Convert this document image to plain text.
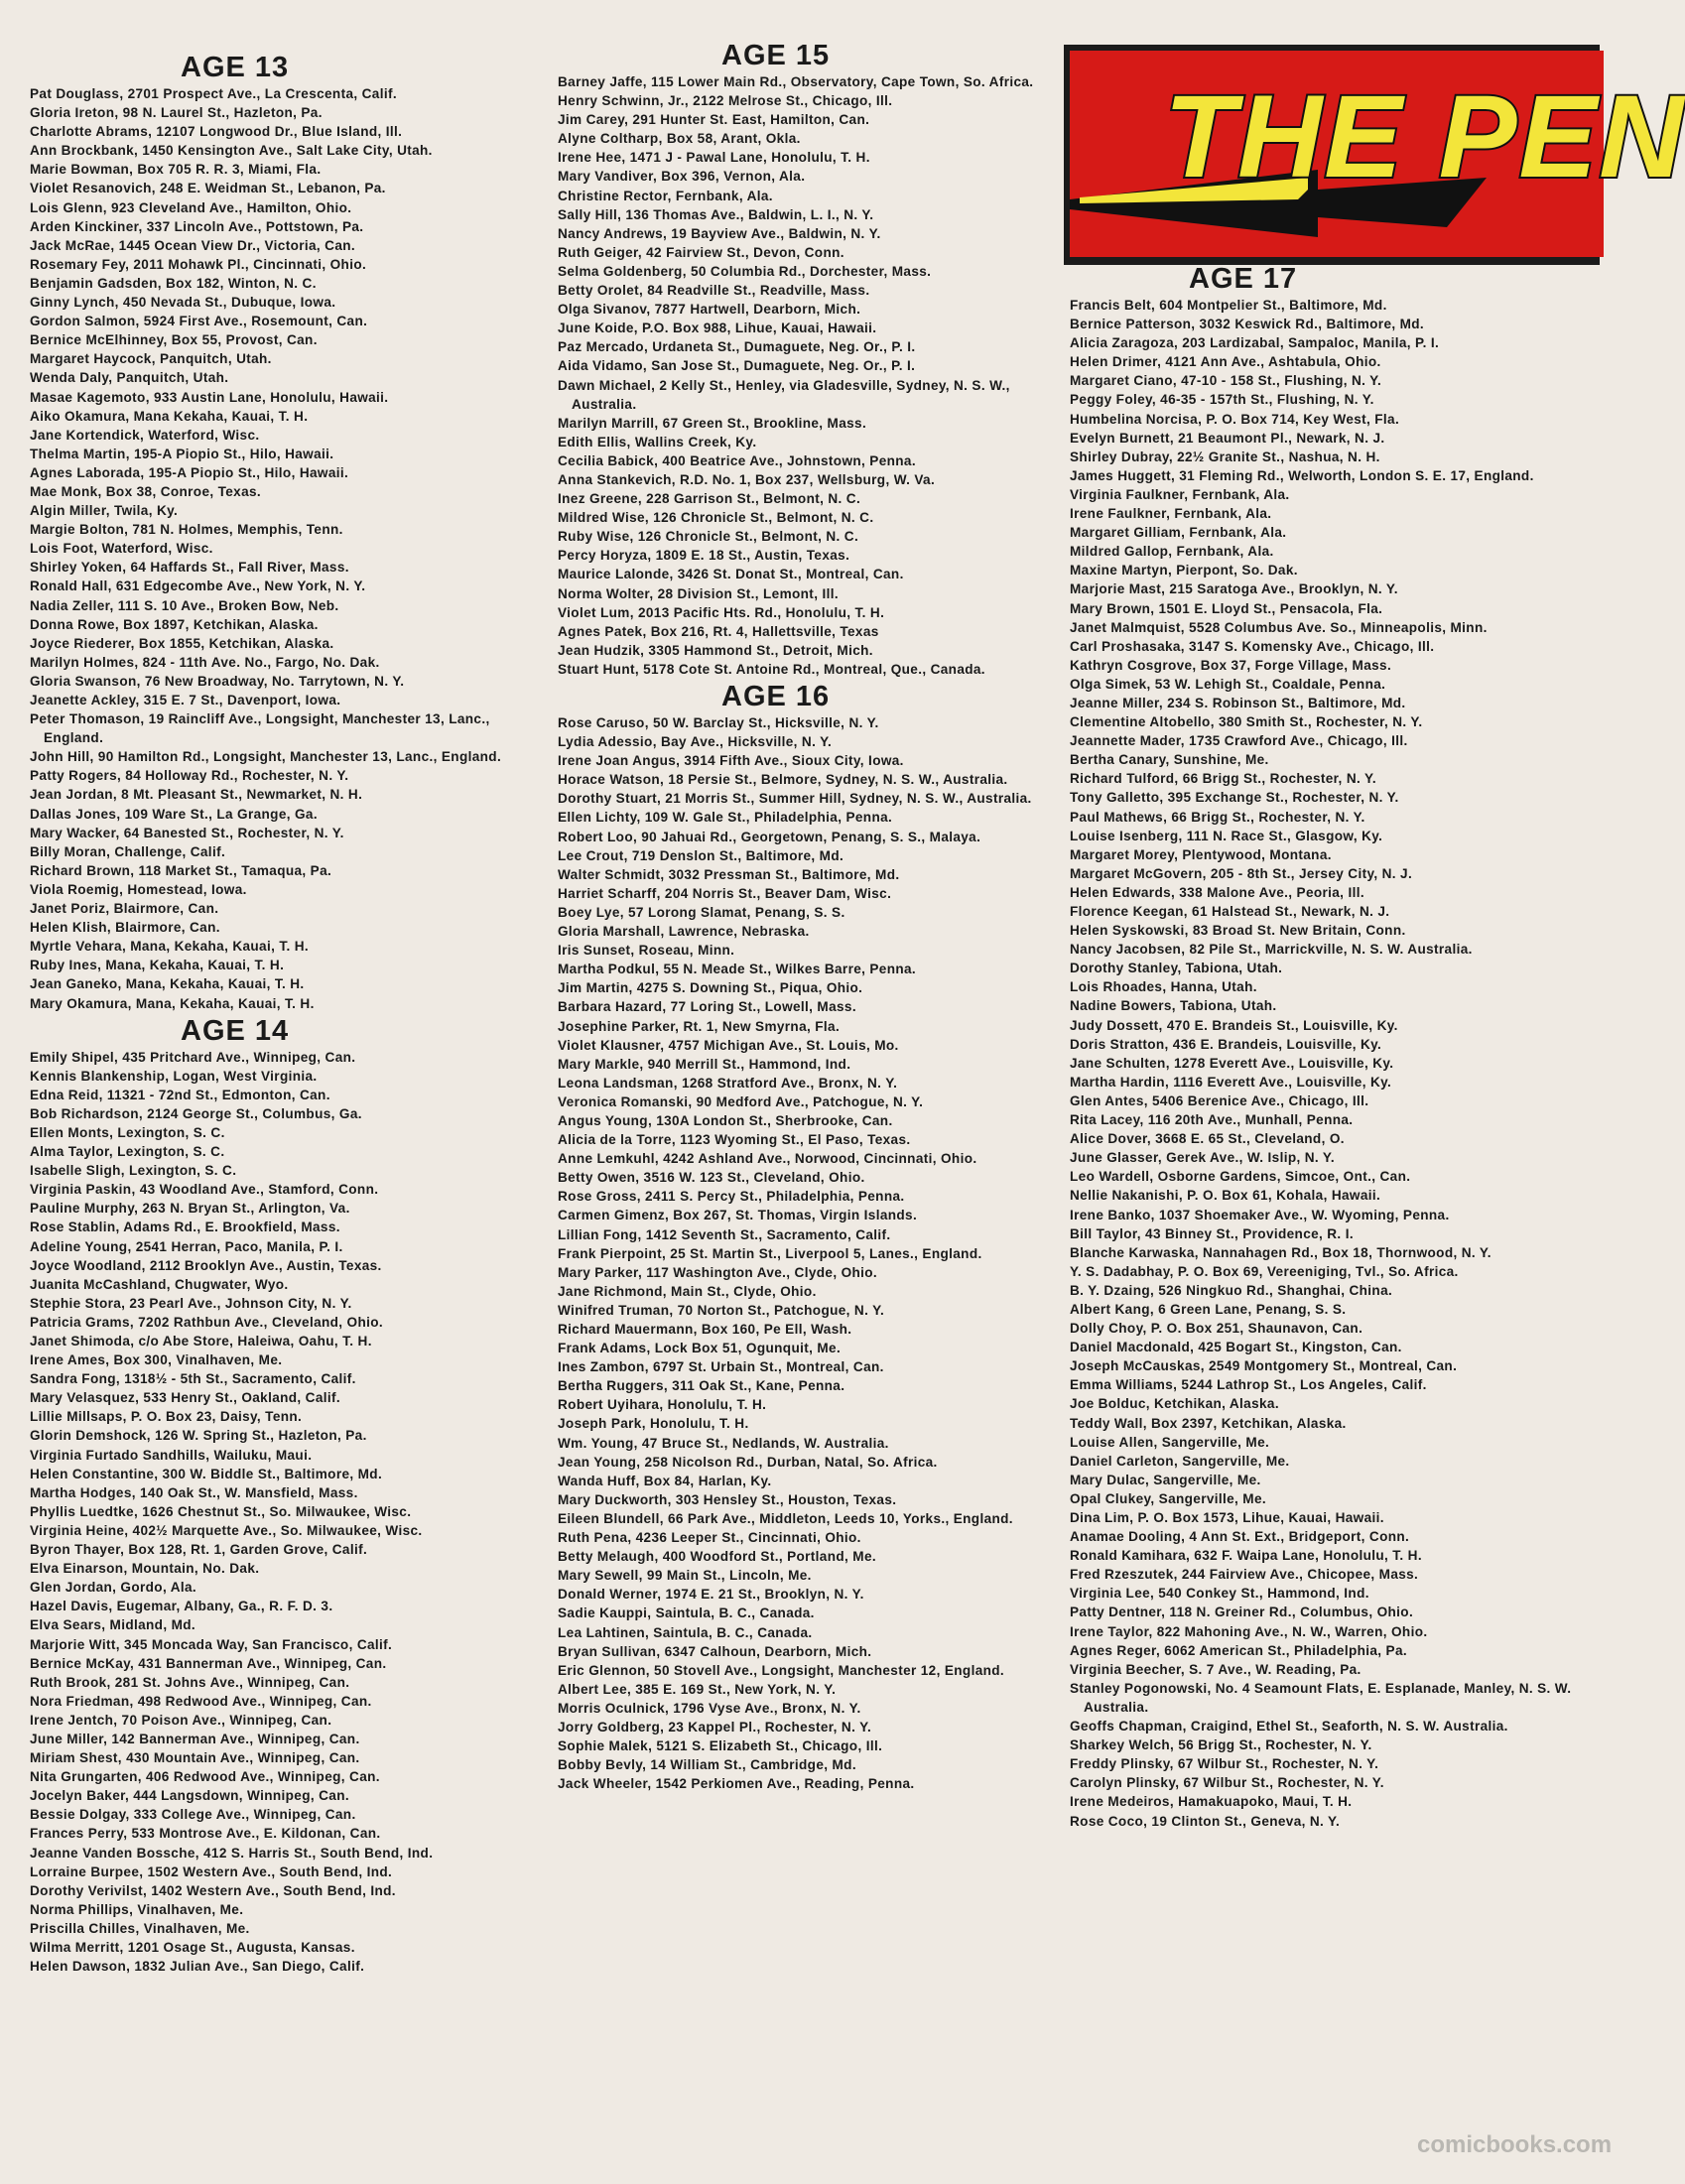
THE PEN
AGE 13
Pat Douglass, 2701 Prospect Ave., La Crescenta, Calif.
Gloria Ireton, 98 N. Laurel St., Hazleton, Pa.
Charlotte Abrams, 12107 Longwood Dr., Blue Island, Ill.
Ann Brockbank, 1450 Kensington Ave., Salt Lake City, Utah.
Marie Bowman, Box 705 R. R. 3, Miami, Fla.
Violet Resanovich, 248 E. Weidman St., Lebanon, Pa.
Lois Glenn, 923 Cleveland Ave., Hamilton, Ohio.
Arden Kinckiner, 337 Lincoln Ave., Pottstown, Pa.
Jack McRae, 1445 Ocean View Dr., Victoria, Can.
Rosemary Fey, 2011 Mohawk Pl., Cincinnati, Ohio.
Benjamin Gadsden, Box 182, Winton, N. C.
Ginny Lynch, 450 Nevada St., Dubuque, Iowa.
Gordon Salmon, 5924 First Ave., Rosemount, Can.
Bernice McElhinney, Box 55, Provost, Can.
Margaret Haycock, Panquitch, Utah.
Wenda Daly, Panquitch, Utah.
Masae Kagemoto, 933 Austin Lane, Honolulu, Hawaii.
Aiko Okamura, Mana Kekaha, Kauai, T. H.
Jane Kortendick, Waterford, Wisc.
Thelma Martin, 195-A Piopio St., Hilo, Hawaii.
Agnes Laborada, 195-A Piopio St., Hilo, Hawaii.
Mae Monk, Box 38, Conroe, Texas.
Algin Miller, Twila, Ky.
Margie Bolton, 781 N. Holmes, Memphis, Tenn.
Lois Foot, Waterford, Wisc.
Shirley Yoken, 64 Haffards St., Fall River, Mass.
Ronald Hall, 631 Edgecombe Ave., New York, N. Y.
Nadia Zeller, 111 S. 10 Ave., Broken Bow, Neb.
Donna Rowe, Box 1897, Ketchikan, Alaska.
Joyce Riederer, Box 1855, Ketchikan, Alaska.
Marilyn Holmes, 824 - 11th Ave. No., Fargo, No. Dak.
Gloria Swanson, 76 New Broadway, No. Tarrytown, N. Y.
Jeanette Ackley, 315 E. 7 St., Davenport, Iowa.
Peter Thomason, 19 Raincliff Ave., Longsight, Manchester 13, Lanc., England.
John Hill, 90 Hamilton Rd., Longsight, Manchester 13, Lanc., England.
Patty Rogers, 84 Holloway Rd., Rochester, N. Y.
Jean Jordan, 8 Mt. Pleasant St., Newmarket, N. H.
Dallas Jones, 109 Ware St., La Grange, Ga.
Mary Wacker, 64 Banested St., Rochester, N. Y.
Billy Moran, Challenge, Calif.
Richard Brown, 118 Market St., Tamaqua, Pa.
Viola Roemig, Homestead, Iowa.
Janet Poriz, Blairmore, Can.
Helen Klish, Blairmore, Can.
Myrtle Vehara, Mana, Kekaha, Kauai, T. H.
Ruby Ines, Mana, Kekaha, Kauai, T. H.
Jean Ganeko, Mana, Kekaha, Kauai, T. H.
Mary Okamura, Mana, Kekaha, Kauai, T. H.
AGE 14
Emily Shipel, 435 Pritchard Ave., Winnipeg, Can.
Kennis Blankenship, Logan, West Virginia.
Edna Reid, 11321 - 72nd St., Edmonton, Can.
Bob Richardson, 2124 George St., Columbus, Ga.
Ellen Monts, Lexington, S. C.
Alma Taylor, Lexington, S. C.
Isabelle Sligh, Lexington, S. C.
Virginia Paskin, 43 Woodland Ave., Stamford, Conn.
Pauline Murphy, 263 N. Bryan St., Arlington, Va.
Rose Stablin, Adams Rd., E. Brookfield, Mass.
Adeline Young, 2541 Herran, Paco, Manila, P. I.
Joyce Woodland, 2112 Brooklyn Ave., Austin, Texas.
Juanita McCashland, Chugwater, Wyo.
Stephie Stora, 23 Pearl Ave., Johnson City, N. Y.
Patricia Grams, 7202 Rathbun Ave., Cleveland, Ohio.
Janet Shimoda, c/o Abe Store, Haleiwa, Oahu, T. H.
Irene Ames, Box 300, Vinalhaven, Me.
Sandra Fong, 1318½ - 5th St., Sacramento, Calif.
Mary Velasquez, 533 Henry St., Oakland, Calif.
Lillie Millsaps, P. O. Box 23, Daisy, Tenn.
Glorin Demshock, 126 W. Spring St., Hazleton, Pa.
Virginia Furtado Sandhills, Wailuku, Maui.
Helen Constantine, 300 W. Biddle St., Baltimore, Md.
Martha Hodges, 140 Oak St., W. Mansfield, Mass.
Phyllis Luedtke, 1626 Chestnut St., So. Milwaukee, Wisc.
Virginia Heine, 402½ Marquette Ave., So. Milwaukee, Wisc.
Byron Thayer, Box 128, Rt. 1, Garden Grove, Calif.
Elva Einarson, Mountain, No. Dak.
Glen Jordan, Gordo, Ala.
Hazel Davis, Eugemar, Albany, Ga., R. F. D. 3.
Elva Sears, Midland, Md.
Marjorie Witt, 345 Moncada Way, San Francisco, Calif.
Bernice McKay, 431 Bannerman Ave., Winnipeg, Can.
Ruth Brook, 281 St. Johns Ave., Winnipeg, Can.
Nora Friedman, 498 Redwood Ave., Winnipeg, Can.
Irene Jentch, 70 Poison Ave., Winnipeg, Can.
June Miller, 142 Bannerman Ave., Winnipeg, Can.
Miriam Shest, 430 Mountain Ave., Winnipeg, Can.
Nita Grungarten, 406 Redwood Ave., Winnipeg, Can.
Jocelyn Baker, 444 Langsdown, Winnipeg, Can.
Bessie Dolgay, 333 College Ave., Winnipeg, Can.
Frances Perry, 533 Montrose Ave., E. Kildonan, Can.
Jeanne Vanden Bossche, 412 S. Harris St., South Bend, Ind.
Lorraine Burpee, 1502 Western Ave., South Bend, Ind.
Dorothy Verivilst, 1402 Western Ave., South Bend, Ind.
Norma Phillips, Vinalhaven, Me.
Priscilla Chilles, Vinalhaven, Me.
Wilma Merritt, 1201 Osage St., Augusta, Kansas.
Helen Dawson, 1832 Julian Ave., San Diego, Calif.
AGE 15
Barney Jaffe, 115 Lower Main Rd., Observatory, Cape Town, So. Africa.
Henry Schwinn, Jr., 2122 Melrose St., Chicago, Ill.
Jim Carey, 291 Hunter St. East, Hamilton, Can.
Alyne Coltharp, Box 58, Arant, Okla.
Irene Hee, 1471 J - Pawal Lane, Honolulu, T. H.
Mary Vandiver, Box 396, Vernon, Ala.
Christine Rector, Fernbank, Ala.
Sally Hill, 136 Thomas Ave., Baldwin, L. I., N. Y.
Nancy Andrews, 19 Bayview Ave., Baldwin, N. Y.
Ruth Geiger, 42 Fairview St., Devon, Conn.
Selma Goldenberg, 50 Columbia Rd., Dorchester, Mass.
Betty Orolet, 84 Readville St., Readville, Mass.
Olga Sivanov, 7877 Hartwell, Dearborn, Mich.
June Koide, P.O. Box 988, Lihue, Kauai, Hawaii.
Paz Mercado, Urdaneta St., Dumaguete, Neg. Or., P. I.
Aida Vidamo, San Jose St., Dumaguete, Neg. Or., P. I.
Dawn Michael, 2 Kelly St., Henley, via Gladesville, Sydney, N. S. W., Australia.
Marilyn Marrill, 67 Green St., Brookline, Mass.
Edith Ellis, Wallins Creek, Ky.
Cecilia Babick, 400 Beatrice Ave., Johnstown, Penna.
Anna Stankevich, R.D. No. 1, Box 237, Wellsburg, W. Va.
Inez Greene, 228 Garrison St., Belmont, N. C.
Mildred Wise, 126 Chronicle St., Belmont, N. C.
Ruby Wise, 126 Chronicle St., Belmont, N. C.
Percy Horyza, 1809 E. 18 St., Austin, Texas.
Maurice Lalonde, 3426 St. Donat St., Montreal, Can.
Norma Wolter, 28 Division St., Lemont, Ill.
Violet Lum, 2013 Pacific Hts. Rd., Honolulu, T. H.
Agnes Patek, Box 216, Rt. 4, Hallettsville, Texas
Jean Hudzik, 3305 Hammond St., Detroit, Mich.
Stuart Hunt, 5178 Cote St. Antoine Rd., Montreal, Que., Canada.
AGE 16
Rose Caruso, 50 W. Barclay St., Hicksville, N. Y.
Lydia Adessio, Bay Ave., Hicksville, N. Y.
Irene Joan Angus, 3914 Fifth Ave., Sioux City, Iowa.
Horace Watson, 18 Persie St., Belmore, Sydney, N. S. W., Australia.
Dorothy Stuart, 21 Morris St., Summer Hill, Sydney, N. S. W., Australia.
Ellen Lichty, 109 W. Gale St., Philadelphia, Penna.
Robert Loo, 90 Jahuai Rd., Georgetown, Penang, S. S., Malaya.
Lee Crout, 719 Denslon St., Baltimore, Md.
Walter Schmidt, 3032 Pressman St., Baltimore, Md.
Harriet Scharff, 204 Norris St., Beaver Dam, Wisc.
Boey Lye, 57 Lorong Slamat, Penang, S. S.
Gloria Marshall, Lawrence, Nebraska.
Iris Sunset, Roseau, Minn.
Martha Podkul, 55 N. Meade St., Wilkes Barre, Penna.
Jim Martin, 4275 S. Downing St., Piqua, Ohio.
Barbara Hazard, 77 Loring St., Lowell, Mass.
Josephine Parker, Rt. 1, New Smyrna, Fla.
Violet Klausner, 4757 Michigan Ave., St. Louis, Mo.
Mary Markle, 940 Merrill St., Hammond, Ind.
Leona Landsman, 1268 Stratford Ave., Bronx, N. Y.
Veronica Romanski, 90 Medford Ave., Patchogue, N. Y.
Angus Young, 130A London St., Sherbrooke, Can.
Alicia de la Torre, 1123 Wyoming St., El Paso, Texas.
Anne Lemkuhl, 4242 Ashland Ave., Norwood, Cincinnati, Ohio.
Betty Owen, 3516 W. 123 St., Cleveland, Ohio.
Rose Gross, 2411 S. Percy St., Philadelphia, Penna.
Carmen Gimenz, Box 267, St. Thomas, Virgin Islands.
Lillian Fong, 1412 Seventh St., Sacramento, Calif.
Frank Pierpoint, 25 St. Martin St., Liverpool 5, Lanes., England.
Mary Parker, 117 Washington Ave., Clyde, Ohio.
Jane Richmond, Main St., Clyde, Ohio.
Winifred Truman, 70 Norton St., Patchogue, N. Y.
Richard Mauermann, Box 160, Pe Ell, Wash.
Frank Adams, Lock Box 51, Ogunquit, Me.
Ines Zambon, 6797 St. Urbain St., Montreal, Can.
Bertha Ruggers, 311 Oak St., Kane, Penna.
Robert Uyihara, Honolulu, T. H.
Joseph Park, Honolulu, T. H.
Wm. Young, 47 Bruce St., Nedlands, W. Australia.
Jean Young, 258 Nicolson Rd., Durban, Natal, So. Africa.
Wanda Huff, Box 84, Harlan, Ky.
Mary Duckworth, 303 Hensley St., Houston, Texas.
Eileen Blundell, 66 Park Ave., Middleton, Leeds 10, Yorks., England.
Ruth Pena, 4236 Leeper St., Cincinnati, Ohio.
Betty Melaugh, 400 Woodford St., Portland, Me.
Mary Sewell, 99 Main St., Lincoln, Me.
Donald Werner, 1974 E. 21 St., Brooklyn, N. Y.
Sadie Kauppi, Saintula, B. C., Canada.
Lea Lahtinen, Saintula, B. C., Canada.
Bryan Sullivan, 6347 Calhoun, Dearborn, Mich.
Eric Glennon, 50 Stovell Ave., Longsight, Manchester 12, England.
Albert Lee, 385 E. 169 St., New York, N. Y.
Morris Oculnick, 1796 Vyse Ave., Bronx, N. Y.
Jorry Goldberg, 23 Kappel Pl., Rochester, N. Y.
Sophie Malek, 5121 S. Elizabeth St., Chicago, Ill.
Bobby Bevly, 14 William St., Cambridge, Md.
Jack Wheeler, 1542 Perkiomen Ave., Reading, Penna.
AGE 17
Francis Belt, 604 Montpelier St., Baltimore, Md.
Bernice Patterson, 3032 Keswick Rd., Baltimore, Md.
Alicia Zaragoza, 203 Lardizabal, Sampaloc, Manila, P. I.
Helen Drimer, 4121 Ann Ave., Ashtabula, Ohio.
Margaret Ciano, 47-10 - 158 St., Flushing, N. Y.
Peggy Foley, 46-35 - 157th St., Flushing, N. Y.
Humbelina Norcisa, P. O. Box 714, Key West, Fla.
Evelyn Burnett, 21 Beaumont Pl., Newark, N. J.
Shirley Dubray, 22½ Granite St., Nashua, N. H.
James Huggett, 31 Fleming Rd., Welworth, London S. E. 17, England.
Virginia Faulkner, Fernbank, Ala.
Irene Faulkner, Fernbank, Ala.
Margaret Gilliam, Fernbank, Ala.
Mildred Gallop, Fernbank, Ala.
Maxine Martyn, Pierpont, So. Dak.
Marjorie Mast, 215 Saratoga Ave., Brooklyn, N. Y.
Mary Brown, 1501 E. Lloyd St., Pensacola, Fla.
Janet Malmquist, 5528 Columbus Ave. So., Minneapolis, Minn.
Carl Proshasaka, 3147 S. Komensky Ave., Chicago, Ill.
Kathryn Cosgrove, Box 37, Forge Village, Mass.
Olga Simek, 53 W. Lehigh St., Coaldale, Penna.
Jeanne Miller, 234 S. Robinson St., Baltimore, Md.
Clementine Altobello, 380 Smith St., Rochester, N. Y.
Jeannette Mader, 1735 Crawford Ave., Chicago, Ill.
Bertha Canary, Sunshine, Me.
Richard Tulford, 66 Brigg St., Rochester, N. Y.
Tony Galletto, 395 Exchange St., Rochester, N. Y.
Paul Mathews, 66 Brigg St., Rochester, N. Y.
Louise Isenberg, 111 N. Race St., Glasgow, Ky.
Margaret Morey, Plentywood, Montana.
Margaret McGovern, 205 - 8th St., Jersey City, N. J.
Helen Edwards, 338 Malone Ave., Peoria, Ill.
Florence Keegan, 61 Halstead St., Newark, N. J.
Helen Syskowski, 83 Broad St. New Britain, Conn.
Nancy Jacobsen, 82 Pile St., Marrickville, N. S. W. Australia.
Dorothy Stanley, Tabiona, Utah.
Lois Rhoades, Hanna, Utah.
Nadine Bowers, Tabiona, Utah.
Judy Dossett, 470 E. Brandeis St., Louisville, Ky.
Doris Stratton, 436 E. Brandeis, Louisville, Ky.
Jane Schulten, 1278 Everett Ave., Louisville, Ky.
Martha Hardin, 1116 Everett Ave., Louisville, Ky.
Glen Antes, 5406 Berenice Ave., Chicago, Ill.
Rita Lacey, 116 20th Ave., Munhall, Penna.
Alice Dover, 3668 E. 65 St., Cleveland, O.
June Glasser, Gerek Ave., W. Islip, N. Y.
Leo Wardell, Osborne Gardens, Simcoe, Ont., Can.
Nellie Nakanishi, P. O. Box 61, Kohala, Hawaii.
Irene Banko, 1037 Shoemaker Ave., W. Wyoming, Penna.
Bill Taylor, 43 Binney St., Providence, R. I.
Blanche Karwaska, Nannahagen Rd., Box 18, Thornwood, N. Y.
Y. S. Dadabhay, P. O. Box 69, Vereeniging, Tvl., So. Africa.
B. Y. Dzaing, 526 Ningkuo Rd., Shanghai, China.
Albert Kang, 6 Green Lane, Penang, S. S.
Dolly Choy, P. O. Box 251, Shaunavon, Can.
Daniel Macdonald, 425 Bogart St., Kingston, Can.
Joseph McCauskas, 2549 Montgomery St., Montreal, Can.
Emma Williams, 5244 Lathrop St., Los Angeles, Calif.
Joe Bolduc, Ketchikan, Alaska.
Teddy Wall, Box 2397, Ketchikan, Alaska.
Louise Allen, Sangerville, Me.
Daniel Carleton, Sangerville, Me.
Mary Dulac, Sangerville, Me.
Opal Clukey, Sangerville, Me.
Dina Lim, P. O. Box 1573, Lihue, Kauai, Hawaii.
Anamae Dooling, 4 Ann St. Ext., Bridgeport, Conn.
Ronald Kamihara, 632 F. Waipa Lane, Honolulu, T. H.
Fred Rzeszutek, 244 Fairview Ave., Chicopee, Mass.
Virginia Lee, 540 Conkey St., Hammond, Ind.
Patty Dentner, 118 N. Greiner Rd., Columbus, Ohio.
Irene Taylor, 822 Mahoning Ave., N. W., Warren, Ohio.
Agnes Reger, 6062 American St., Philadelphia, Pa.
Virginia Beecher, S. 7 Ave., W. Reading, Pa.
Stanley Pogonowski, No. 4 Seamount Flats, E. Esplanade, Manley, N. S. W. Australia.
Geoffs Chapman, Craigind, Ethel St., Seaforth, N. S. W. Australia.
Sharkey Welch, 56 Brigg St., Rochester, N. Y.
Freddy Plinsky, 67 Wilbur St., Rochester, N. Y.
Carolyn Plinsky, 67 Wilbur St., Rochester, N. Y.
Irene Medeiros, Hamakuapoko, Maui, T. H.
Rose Coco, 19 Clinton St., Geneva, N. Y.
comicbooks.com
